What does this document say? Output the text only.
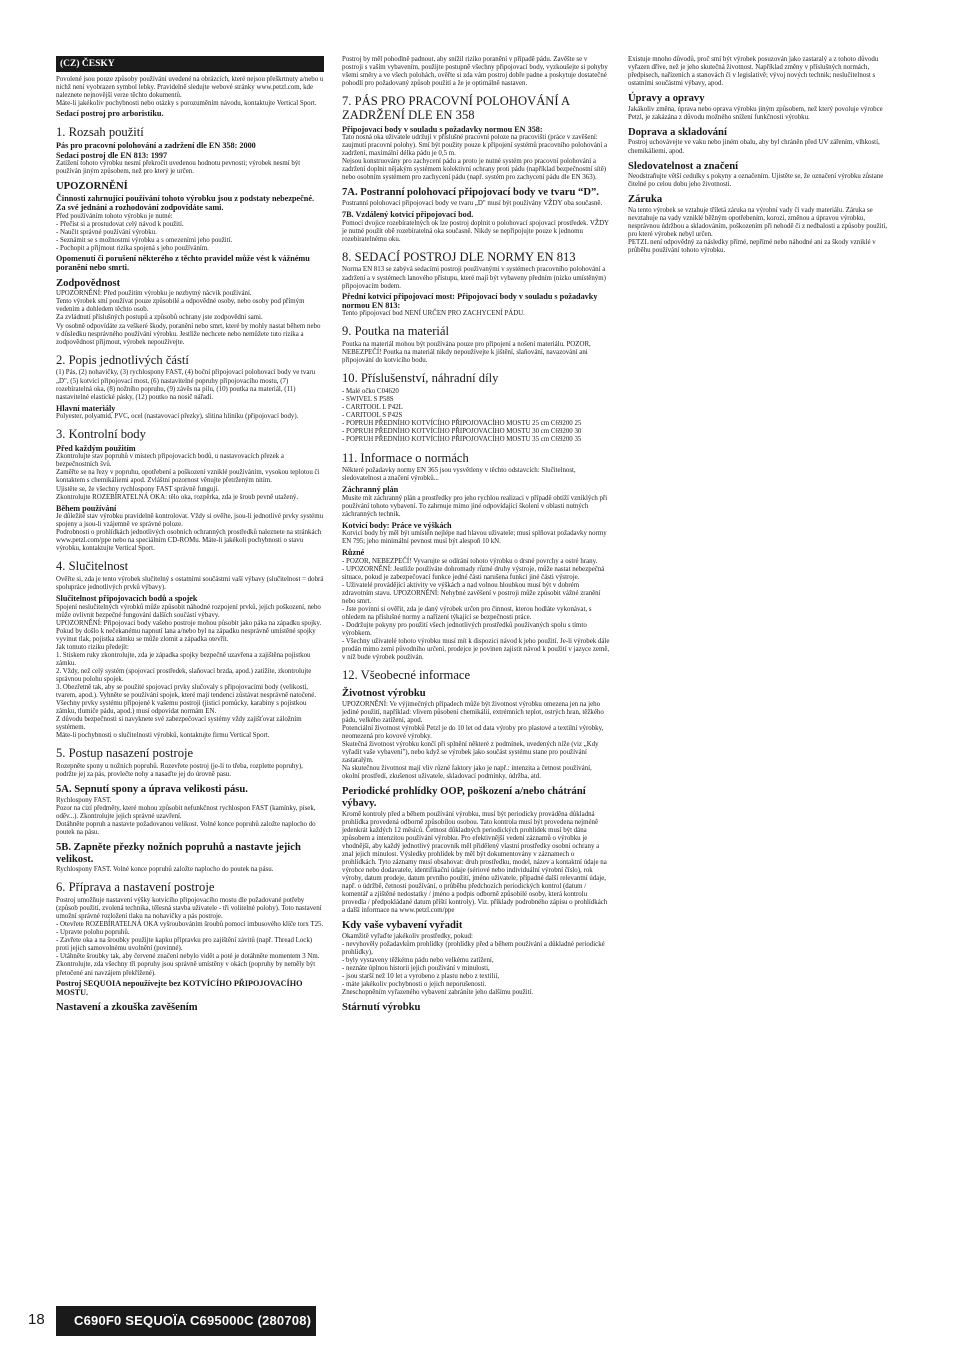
(CZ) ČESKY

Povolené jsou pouze způsoby používání uvedené na obrázcích, které nejsou přeškrtnuty a/nebo u nichž není vyobrazen symbol lebky. Pravidelně sledujte webové stránky www.petzl.com, kde naleznete nejnovější verze těchto dokumentů.
Máte-li jakékoliv pochybnosti nebo otázky s porozuměním návodu, kontaktujte Vertical Sport.

Sedací postroj pro arboristiku.

1. Rozsah použití

Pás pro pracovní polohování a zadržení dle EN 358: 2000
Sedací postroj dle EN 813: 1997

Zatížení tohoto výrobku nesmí překročit uvedenou hodnotu pevnosti; výrobek nesmí být používán jiným způsobem, než pro který je určen.

UPOZORNĚNÍ

Činnosti zahrnující používání tohoto výrobku jsou z podstaty nebezpečné.
Za své jednání a rozhodování zodpovídáte sami.

Před používáním tohoto výrobku je nutné:
- Přečíst si a prostudovat celý návod k použití.
- Naučit správné používání výrobku.
- Seznámit se s možnostmi výrobku a s omezeními jeho použití.
- Pochopit a přijmout rizika spojená s jeho používáním.

Opomenutí či porušení některého z těchto pravidel může vést k vážnému poranění nebo smrti.

Zodpovědnost

UPOZORNĚNÍ: Před použitím výrobku je nezbytný nácvik používání.
Tento výrobek smí používat pouze způsobilé a odpovědné osoby, nebo osoby pod přímým vedením a dohledem těchto osob.
Za zvládnutí příslušných postupů a způsobů ochrany jste zodpovědni sami.
Vy osobně odpovídáte za veškeré škody, poranění nebo smrt, které by mohly nastat během nebo v důsledku nesprávného používání výrobku. Jestliže nechcete nebo nemůžete tuto rizika a zodpovědnost přijmout, výrobek nepoužívejte.

2. Popis jednotlivých částí

(1) Pás, (2) nohavičky, (3) rychlospony FAST, (4) boční připojovací polohovací body ve tvaru „D", (5) kotvicí připojovací most, (6) nastavitelné popruhy připojovacího mostu, (7) rozebíratelná oka, (8) nožního popruhu, (9) závěs na pilu, (10) poutka na materiál, (11) nastavitelné elastické pásky, (12) poutko na nosič nářadí.

Hlavní materiály

Polyester, polyamid, PVC, ocel (nastavovací přezky), slitina hliníku (připojovací body).

3. Kontrolní body
Před každým použitím

Zkontrolujte stav popruhů v místech připojovacích bodů, u nastavovacích přezek a bezpečnostních švů.
Zaměřte se na řezy v popruhu, opotřebení a poškození vzniklé používáním, vysokou teplotou či kontaktem s chemikáliemi apod. Zvláštní pozornost věnujte přetrženým nitím.
Ujistěte se, že všechny rychlospony FAST správně fungují.
Zkontrolujte ROZEBÍRATELNÁ OKA: tělo oka, rozpěrka, zda je šroub pevně utažený.

Během používání

Je důležité stav výrobku pravidelně kontrolovat. Vždy si ověřte, jsou-li jednotlivé prvky systému spojeny a jsou-li vzájemně ve správné poloze.
Podrobnosti o prohlídkách jednotlivých osobních ochranných prostředků naleznete na stránkách www.petzl.com/ppe nebo na speciálním CD-ROMu. Máte-li jakékoli pochybnosti o stavu výrobku, kontaktujte Vertical Sport.

4. Slučitelnost

Ověřte si, zda je tento výrobek slučitelný s ostatními součástmi vaší výbavy (slučitelnost = dobrá spolupráce jednotlivých prvků výbavy).

Slučitelnost připojovacích bodů a spojek

Spojení neslučitelných výrobků může způsobit náhodné rozpojení prvků, jejich poškození, nebo může ovlivnit bezpečné fungování dalších součástí výbavy.
UPOZORNĚNÍ: Připojovací body vašeho postroje mohou působit jako páka na západku spojky. Pokud by došlo k nečekanému napnutí lana a/nebo byl na západku nesprávně umístěné spojky vyvinut tlak, pojistka zámku se může zlomit a západka otevřít.
Jak tomuto riziku předejít:
1. Stiskem ruky zkontrolujte, zda je západka spojky bezpečně uzavřena a zajištěna pojistkou zámku.
2. Vždy, než celý systém (spojovací prostředek, slaňovací brzda, apod.) zatížíte, zkontrolujte správnou polohu spojek.
3. Obezřetně tak, aby se použité spojovací prvky slučovaly s připojovacími body (velikostí, tvarem, apod.). Vyhněte se používání spojek, které mají tendenci zůstávat nesprávně natočené.
Všechny prvky systému připojené k vašemu postroji (jisticí pomůcky, karabiny s pojistkou zámku, tlumiče pádu, apod.) musí odpovídat normám EN.
Z důvodu bezpečnosti si navyknete své zabezpečovací systémy vždy zajišťovat záložním systémem.
Máte-li pochybnosti o slučitelnosti výrobků, kontaktujte firmu Vertical Sport.

5. Postup nasazení postroje

Rozepněte spony u nožních popruhů. Rozevřete postroj (je-li to třeba, rozplette popruhy), podržte jej za pás, provlečte nohy a nasaďte jej do úrovně pasu.

5A. Sepnutí spony a úprava velikosti pásu.

Rychlospony FAST.
Pozor na cizí předměty, které mohou způsobit nefunkčnost rychlospon FAST (kamínky, písek, oděv...). Zkontrolujte jejich správné uzavření.
Dotáhněte popruh a nastavte požadovanou velikost. Volné konce popruhů založte naplocho do poutek na pásu.

5B. Zapněte přezky nožních popruhů a nastavte jejich velikost.

Rychlospony FAST. Volné konce popruhů založte naplocho do poutek na pásu.

6. Příprava a nastavení postroje

Postroj umožňuje nastavení výšky kotvicího připojovacího mostu dle požadované potřeby (způsob použití, zvolená technika, tělesná stavba uživatele - tři volitelné polohy). Toto nastavení umožní správné rozložení tlaku na nohavičky a pás postroje.
- Otevřete ROZEBÍRATELNÁ OKA vyšroubováním šroubů pomocí imbusového klíče torx T25.
- Upravte polohu popruhů.
- Zavřete oka a na šroubky použijte kapku přípravku pro zajištění závitů (např. Thread Lock) proti jejich samovolnému uvolnění (povinné).
- Utáhněte šroubky tak, aby červené značení nebylo vidět a poté je dotáhněte momentem 3 Nm.
Zkontrolujte, zda všechny tři popruhy jsou správně umístěny v okách (popruhy by neměly být přetočené ani navzájem překřížené).

Postroj SEQUOIA nepoužívejte bez KOTVÍCÍHO PŘIPOJOVACÍHO MOSTU.

Nastavení a zkouška zavěšením

Postroj by měl pohodlně padnout, aby snížil riziko poranění v případě pádu. Zavěšte se v postroji s vaším vybavením, použijte postupně všechny připojovací body, vyzkoušejte si pohyby všemi směry a ve všech polohách, ověřte si zda vám postroj dobře padne a poskytuje dostatečné pohodlí pro požadovaný způsob použití a že je optimálně nastaven.

7. PÁS PRO PRACOVNÍ POLOHOVÁNÍ A ZADRŽENÍ DLE EN 358

Připojovací body v souladu s požadavky normou EN 358:

Tato nosná oka uživatele udržují v příslušné pracovní poloze na pracovišti (práce v zavěšení: zaujmutí pracovní polohy). Smí být použity pouze k připojení systémů pracovního polohování a zadržení, maximální délka pádu je 0,5 m.
Nejsou konstruovány pro zachycení pádu a proto je nutné systém pro pracovní polohování a zadržení doplnit nějakým systémem kolektivní ochrany proti pádu (například bezpečnostní sítě) nebo osobním systémem pro zachycení pádu (např. systém pro zachycení pádu dle EN 363).

7A. Postranní polohovací připojovací body ve tvaru “D”.

Postranní polohovací připojovací body ve tvaru „D" musí být používány VŽDY oba současně.

7B. Vzdálený kotvicí připojovací bod.

Pomocí dvojice rozebíratelných ok lze postroj doplnit o polohovací spojovací prostředek. VŽDY je nutné použít obě rozebíratelná oka současně. Nikdy se nepřipojujte pouze k jednomu rozebíratelnému oku.

8. SEDACÍ POSTROJ DLE NORMY EN 813

Norma EN 813 se zabývá sedacími postroji používanými v systémech pracovního polohování a zadržení a v systémech lanového přístupu, které mají být vybaveny předním (nízko umístěným) připojovacím bodem.

Přední kotvicí připojovací most: Připojovací body v souladu s požadavky normou EN 813:

Tento připojovací bod NENÍ URČEN PRO ZACHYCENÍ PÁDU.

9. Poutka na materiál

Poutka na materiál mohou být používána pouze pro připojení a nošení materiálu. POZOR, NEBEZPEČÍ! Poutka na materiál nikdy nepoužívejte k jištění, slaňování, navazování ani připojování do kotvicího bodu.

10. Příslušenství, náhradní díly

- Malé očko C04620
- SWIVEL S P58S
- CARITOOL L P42L
- CARITOOL S P42S
- POPRUH PŘEDNÍHO KOTVÍCÍHO PŘIPOJOVACÍHO MOSTU 25 cm C69200 25
- POPRUH PŘEDNÍHO KOTVÍCÍHO PŘIPOJOVACÍHO MOSTU 30 cm C69200 30
- POPRUH PŘEDNÍHO KOTVÍCÍHO PŘIPOJOVACÍHO MOSTU 35 cm C69200 35

11. Informace o normách

Některé požadavky normy EN 365 jsou vysvětleny v těchto odstavcích: Slučitelnost, sledovatelnost a značení výrobků...

Záchranný plán

Musíte mít záchranný plán a prostředky pro jeho rychlou realizaci v případě obtíží vzniklých při používání tohoto vybavení. To zahrnuje mimo jiné odpovídající školení v oblasti nutných záchranných technik.

Kotvicí body: Práce ve výškách

Kotvicí body by měl být umístěn nejlépe nad hlavou uživatele; musí splňovat požadavky normy EN 795; jeho minimální pevnost musí být alespoň 10 kN.

Různé

- POZOR, NEBEZPEČÍ! Vyvarujte se odírání tohoto výrobku o drsné povrchy a ostré hrany.
- UPOZORNĚNÍ: Jestliže používáte dohromady různé druhy výstroje, může nastat nebezpečná situace, pokud je zabezpečovací funkce jedné části narušena funkcí jiné části výstroje.
- Uživatelé provádějící aktivity ve výškách a nad volnou hloubkou musí být v dobrém zdravotním stavu. UPOZORNĚNÍ: Nehybné zavěšení v postroji může způsobit vážné zranění nebo smrt.
- Jste povinni si ověřit, zda je daný výrobek určen pro činnost, kterou hodláte vykonávat, s ohledem na příslušné normy a nařízení týkající se bezpečnosti práce.
- Dodržujte pokyny pro použití všech jednotlivých prostředků používaných spolu s tímto výrobkem.
- Všechny uživatelé tohoto výrobku musí mít k dispozici návod k jeho použití. Je-li výrobek dále prodán mimo zemi původního určení, prodejce je povinen zajistit návod k použití v jazyce země, v níž bude výrobek používán.

12. Všeobecné informace
Životnost výrobku

UPOZORNĚNÍ: Ve výjimečných případech může být životnost výrobku omezena jen na jeho jediné použití, například: vlivem působení chemikálií, extrémních teplot, ostrých hran, těžkého pádu, velkého zatížení, apod.
Potenciální životnost výrobků Petzl je do 10 let od data výroby pro plastové a textilní výrobky, neomezená pro kovové výrobky.
Skutečná životnost výrobku končí při splnění některé z podmínek, uvedených níže (viz „Kdy vyřadit vaše vybavení"), nebo když se výrobek jako součást systému stane pro používání zastaralým.
Na skutečnou životnost mají vliv různé faktory jako je např.: intenzita a četnost používání, okolní prostředí, zkušenost uživatele, skladovací podmínky, údržba, atd.

Periodické prohlídky OOP, poškození a/nebo chátrání výbavy.

Kromě kontroly před a během používání výrobku, musí být periodicky prováděna důkladná prohlídka provedená odborně způsobilou osobou. Tato kontrola musí být provedena nejméně jedenkrát každých 12 měsíců. Četnost důkladných periodických prohlídek musí být dána způsobem a intenzitou používání výrobku. Pro efektivnější vedení záznamů o výrobku je vhodnější, aby každý jednotlivý pracovník měl přidělený vlastní prostředky osobní ochrany a znal jejich minulost. Výsledky prohlídek by měl být dokumentovány v záznamech o prohlídkách. Tyto záznamy musí obsahovat: druh prostředku, model, název a kontaktní údaje na výrobce nebo dodavatele, identifikační údaje (sériové nebo individuální výrobní číslo), rok výroby, datum prodeje, datum prvního použití, jméno uživatele, případné další relevantní údaje, např. o údržbě, četnosti používání, o průběhu předchozích periodických kontrol (datum / komentář a zjištěné nedostatky / jméno a podpis odborně způsobilé osoby, která kontrolu provedla / předpokládané datum příští kontroly). Viz. příklady podrobného zápisu o prohlídkách a další informace na www.petzl.com/ppe

Kdy vaše vybavení vyřadit

Okamžitě vyřaďte jakékoliv prostředky, pokud:
- nevyhověly požadavkům prohlídky (prohlídky před a během používání a důkladné periodické prohlídky),
- byly vystaveny těžkému pádu nebo velkému zatížení,
- neznáte úplnou historii jejich používání v minulosti,
- jsou starší než 10 let a vyrobeno z plastu nebo z textilií,
- máte jakékoliv pochybnosti o jejich neporušenosti.
Zneschopněním vyřazeného vybavení zabráníte jeho dalšímu použití.

Stárnutí výrobku

Existuje mnoho důvodů, proč smí být výrobek posuzován jako zastaralý a z tohoto důvodu vyřazen dříve, než je jeho skutečná životnost. Například změny v příslušných normách, předpisech, nařízeních a stanovách či v legislativě; vývoj nových technik; neslučitelnost s ostatními součástmi výbavy, apod.

Úpravy a opravy

Jakákoliv změna, úprava nebo oprava výrobku jiným způsobem, než který povoluje výrobce Petzl, je zakázána z důvodu možného snížení funkčnosti výrobku.

Doprava a skladování

Postroj uchovávejte ve vaku nebo jiném obalu, aby byl chráněn před UV zářením, vlhkostí, chemikáliemi, apod.

Sledovatelnost a značení

Neodstraňujte větší cedulky s pokyny a označením. Ujistěte se, že označení výrobku zůstane čitelné po celou dobu jeho životnosti.

Záruka

Na tento výrobek se vztahuje tříletá záruka na výrobní vady či vady materiálu. Záruka se nevztahuje na vady vzniklé běžným opotřebením, korozí, změnou a úpravou výrobku, nesprávnou údržbou a skladováním, poškozením při nehodě či z nedbalosti a způsoby použití, pro které výrobek nebyl určen.
PETZL není odpovědný za následky přímé, nepřímé nebo náhodné ani za škody vzniklé v průběhu používání tohoto výrobku.

18	C690F0 SEQUOÏA C695000C (280708)
